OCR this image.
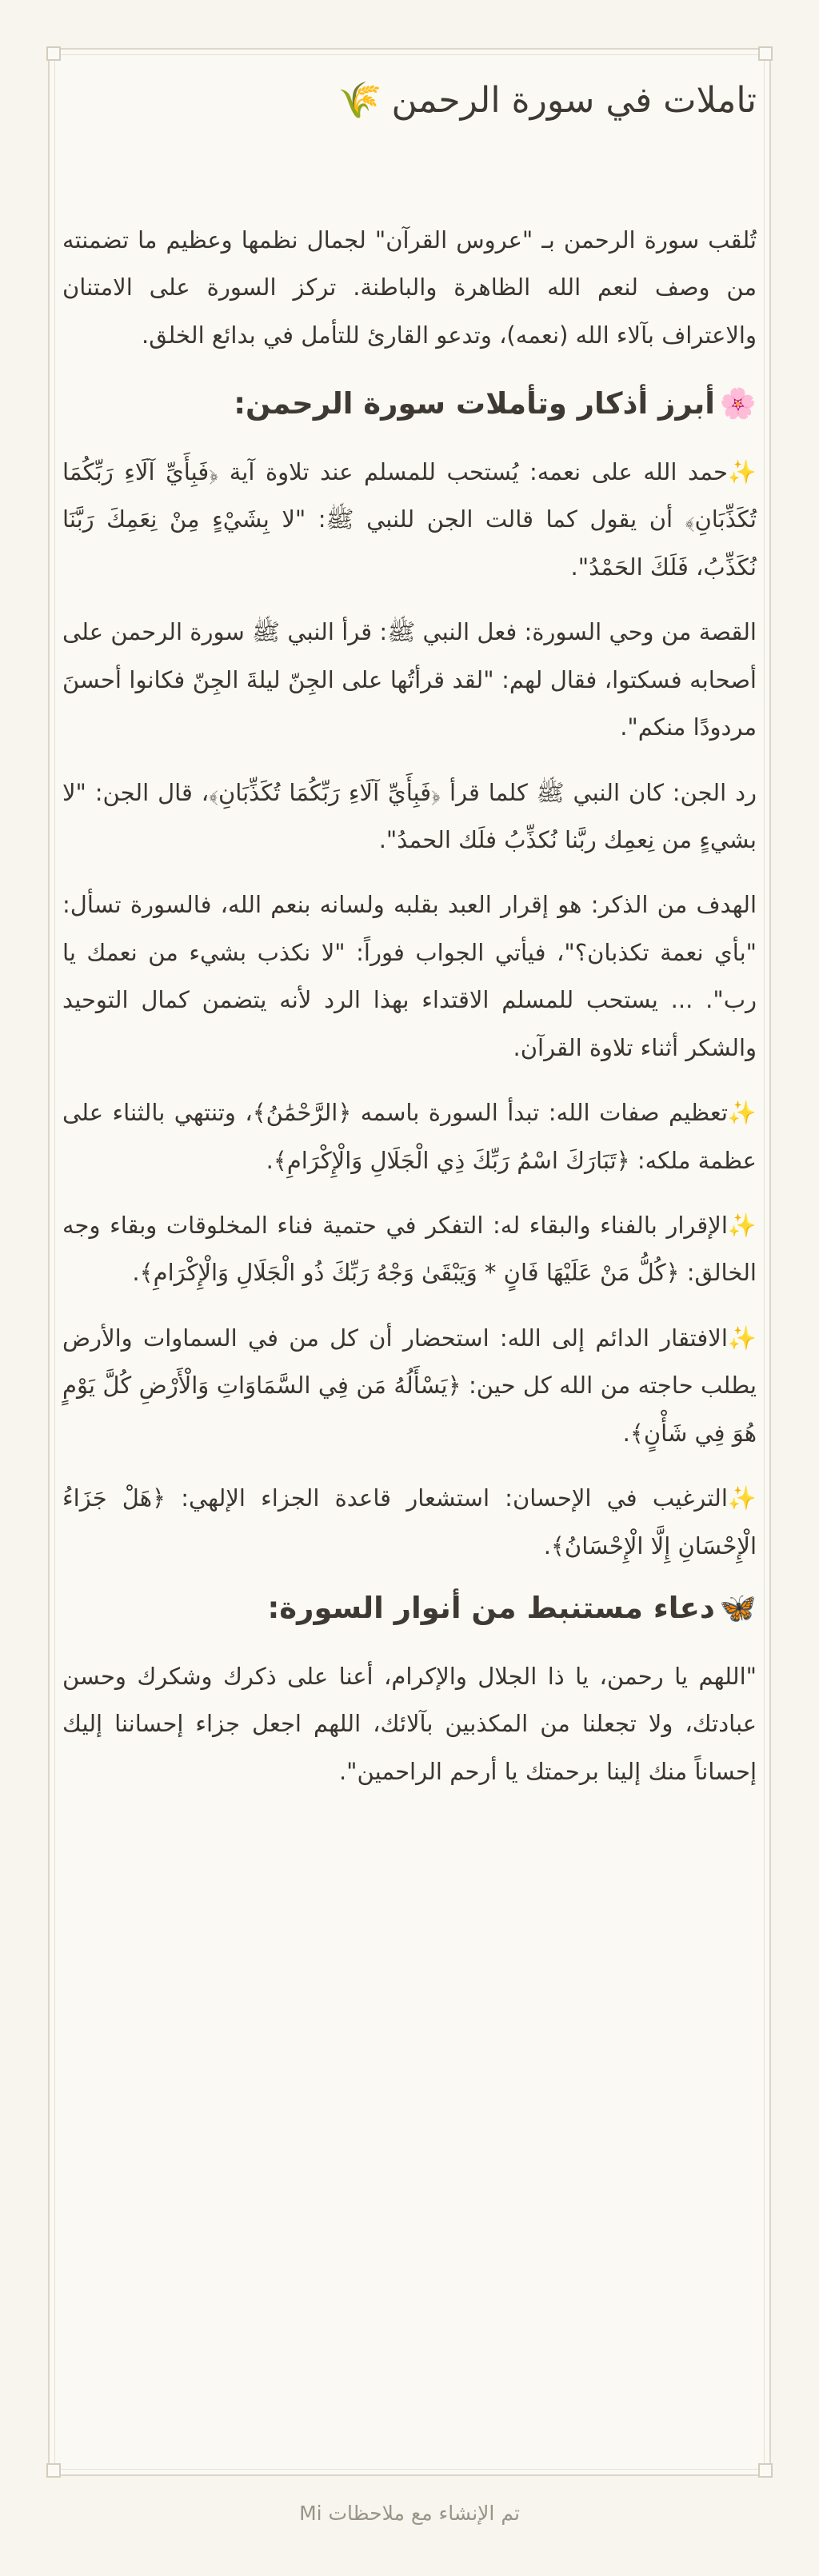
تاملات في سورة الرحمن
🌾

تُلقب سورة الرحمن بـ "عروس القرآن" لجمال نظمها وعظيم ما تضمنته من وصف لنعم الله الظاهرة والباطنة. تركز السورة على الامتنان والاعتراف بآلاء الله (نعمه)، وتدعو القارئ للتأمل في بدائع الخلق.

🌸
أبرز أذكار وتأملات سورة الرحمن:

✨حمد الله على نعمه: يُستحب للمسلم عند تلاوة آية ﴿فَبِأَيِّ آلَاءِ رَبِّكُمَا تُكَذِّبَانِ﴾ أن يقول كما قالت الجن للنبي ﷺ: "لا بِشَيْءٍ مِنْ نِعَمِكَ رَبَّنَا نُكَذِّبُ، فَلَكَ الحَمْدُ".

القصة من وحي السورة: فعل النبي ﷺ: قرأ النبي ﷺ سورة الرحمن على أصحابه فسكتوا، فقال لهم: "لقد قرأتُها على الجِنّ ليلةَ الجِنّ فكانوا أحسنَ مردودًا منكم".

رد الجن: كان النبي ﷺ كلما قرأ ﴿فَبِأَيِّ آلَاءِ رَبِّكُمَا تُكَذِّبَانِ﴾، قال الجن: "لا بشيءٍ من نِعمِك ربَّنا نُكذِّبُ فلَك الحمدُ".

الهدف من الذكر: هو إقرار العبد بقلبه ولسانه بنعم الله، فالسورة تسأل: "بأي نعمة تكذبان؟"، فيأتي الجواب فوراً: "لا نكذب بشيء من نعمك يا رب". ... يستحب للمسلم الاقتداء بهذا الرد لأنه يتضمن كمال التوحيد والشكر أثناء تلاوة القرآن.

✨تعظيم صفات الله: تبدأ السورة باسمه ﴿الرَّحْمَٰنُ﴾، وتنتهي بالثناء على عظمة ملكه: ﴿تَبَارَكَ اسْمُ رَبِّكَ ذِي الْجَلَالِ وَالْإِكْرَامِ﴾.

✨الإقرار بالفناء والبقاء له: التفكر في حتمية فناء المخلوقات وبقاء وجه الخالق: ﴿كُلُّ مَنْ عَلَيْهَا فَانٍ * وَيَبْقَىٰ وَجْهُ رَبِّكَ ذُو الْجَلَالِ وَالْإِكْرَامِ﴾.

✨الافتقار الدائم إلى الله: استحضار أن كل من في السماوات والأرض يطلب حاجته من الله كل حين: ﴿يَسْأَلُهُ مَن فِي السَّمَاوَاتِ وَالْأَرْضِ كُلَّ يَوْمٍ هُوَ فِي شَأْنٍ﴾.

✨الترغيب في الإحسان: استشعار قاعدة الجزاء الإلهي: ﴿هَلْ جَزَاءُ الْإِحْسَانِ إِلَّا الْإِحْسَانُ﴾.

🦋
دعاء مستنبط من أنوار السورة:

"اللهم يا رحمن، يا ذا الجلال والإكرام، أعنا على ذكرك وشكرك وحسن عبادتك، ولا تجعلنا من المكذبين بآلائك، اللهم اجعل جزاء إحساننا إليك إحساناً منك إلينا برحمتك يا أرحم الراحمين".

تم الإنشاء مع ملاحظات Mi
